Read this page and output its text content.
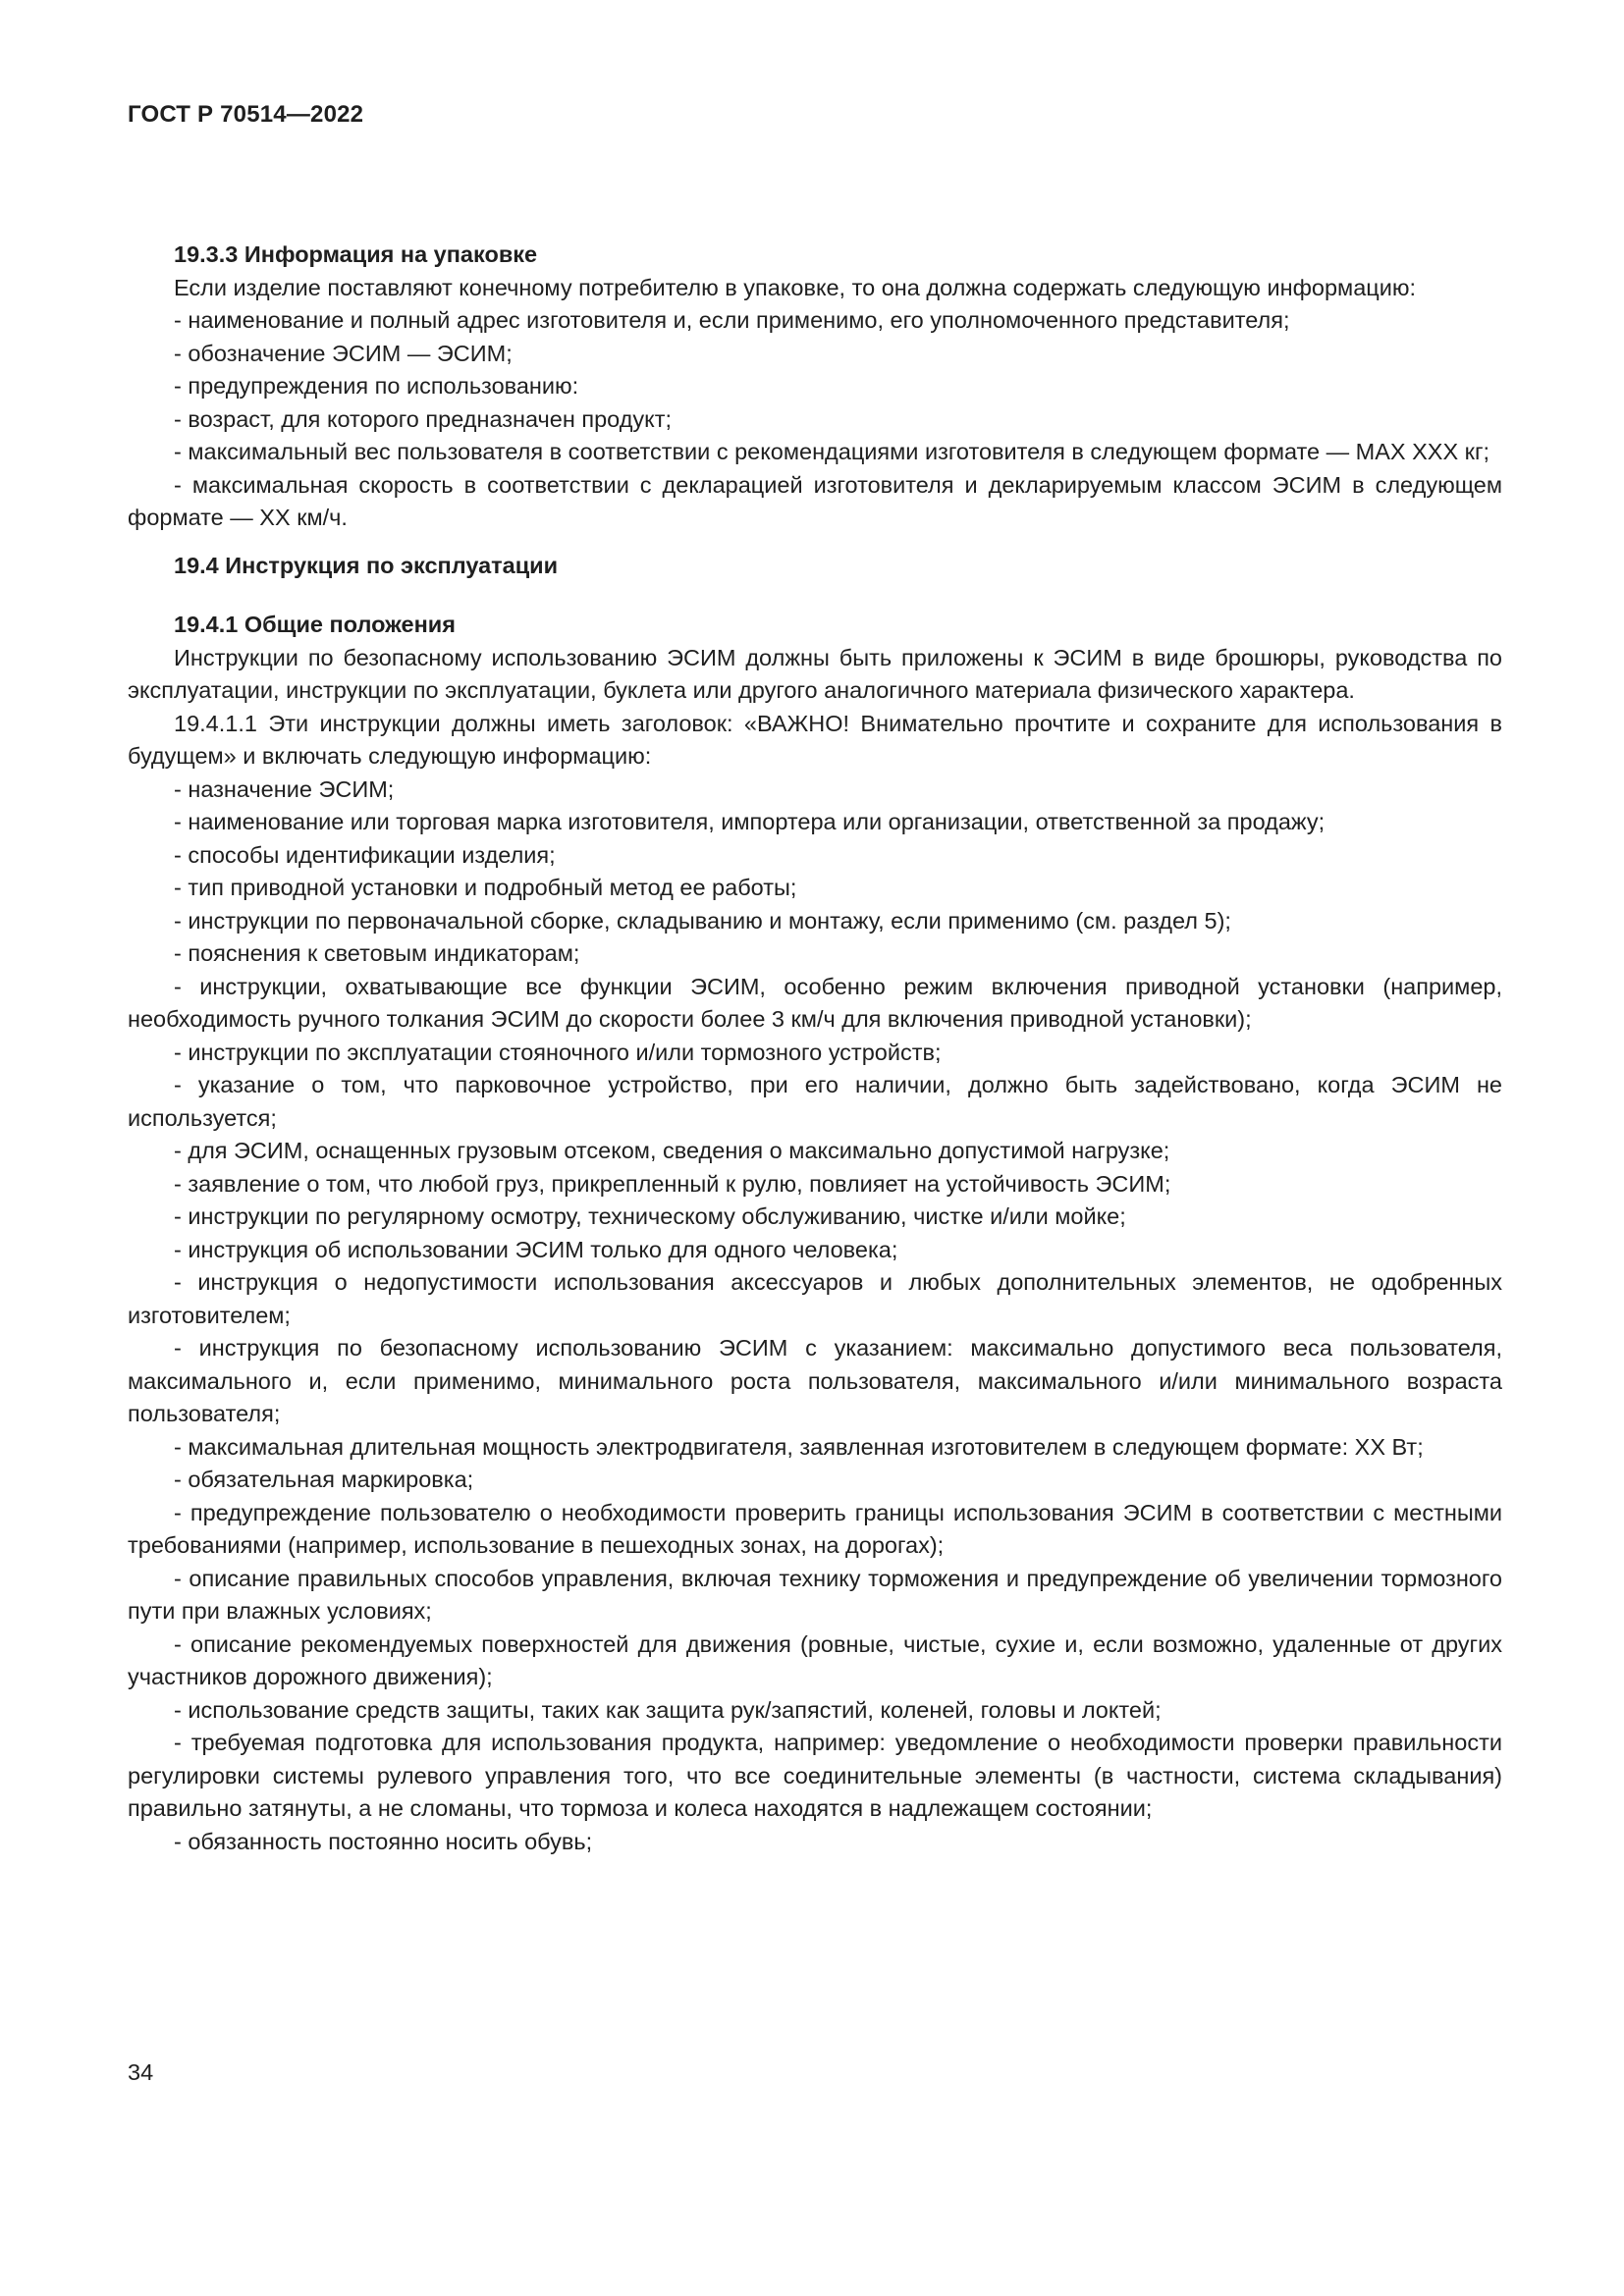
ГОСТ Р 70514—2022

19.3.3 Информация на упаковке

Если изделие поставляют конечному потребителю в упаковке, то она должна содержать следующую информацию:

- наименование и полный адрес изготовителя и, если применимо, его уполномоченного представителя;

- обозначение ЭСИМ — ЭСИМ;

- предупреждения по использованию:

- возраст, для которого предназначен продукт;

- максимальный вес пользователя в соответствии с рекомендациями изготовителя в следующем формате — MAX XXX кг;

- максимальная скорость в соответствии с декларацией изготовителя и декларируемым классом ЭСИМ в следующем формате — XX км/ч.

19.4 Инструкция по эксплуатации

19.4.1 Общие положения

Инструкции по безопасному использованию ЭСИМ должны быть приложены к ЭСИМ в виде брошюры, руководства по эксплуатации, инструкции по эксплуатации, буклета или другого аналогичного материала физического характера.

19.4.1.1 Эти инструкции должны иметь заголовок: «ВАЖНО! Внимательно прочтите и сохраните для использования в будущем» и включать следующую информацию:

- назначение ЭСИМ;

- наименование или торговая марка изготовителя, импортера или организации, ответственной за продажу;

- способы идентификации изделия;

- тип приводной установки и подробный метод ее работы;

- инструкции по первоначальной сборке, складыванию и монтажу, если применимо (см. раздел 5);

- пояснения к световым индикаторам;

- инструкции, охватывающие все функции ЭСИМ, особенно режим включения приводной установки (например, необходимость ручного толкания ЭСИМ до скорости более 3 км/ч для включения приводной установки);

- инструкции по эксплуатации стояночного и/или тормозного устройств;

- указание о том, что парковочное устройство, при его наличии, должно быть задействовано, когда ЭСИМ не используется;

- для ЭСИМ, оснащенных грузовым отсеком, сведения о максимально допустимой нагрузке;

- заявление о том, что любой груз, прикрепленный к рулю, повлияет на устойчивость ЭСИМ;

- инструкции по регулярному осмотру, техническому обслуживанию, чистке и/или мойке;

- инструкция об использовании ЭСИМ только для одного человека;

- инструкция о недопустимости использования аксессуаров и любых дополнительных элементов, не одобренных изготовителем;

- инструкция по безопасному использованию ЭСИМ с указанием: максимально допустимого веса пользователя, максимального и, если применимо, минимального роста пользователя, максимального и/или минимального возраста пользователя;

- максимальная длительная мощность электродвигателя, заявленная изготовителем в следующем формате: XX Вт;

- обязательная маркировка;

- предупреждение пользователю о необходимости проверить границы использования ЭСИМ в соответствии с местными требованиями (например, использование в пешеходных зонах, на дорогах);

- описание правильных способов управления, включая технику торможения и предупреждение об увеличении тормозного пути при влажных условиях;

- описание рекомендуемых поверхностей для движения (ровные, чистые, сухие и, если возможно, удаленные от других участников дорожного движения);

- использование средств защиты, таких как защита рук/запястий, коленей, головы и локтей;

- требуемая подготовка для использования продукта, например: уведомление о необходимости проверки правильности регулировки системы рулевого управления того, что все соединительные элементы (в частности, система складывания) правильно затянуты, а не сломаны, что тормоза и колеса находятся в надлежащем состоянии;

- обязанность постоянно носить обувь;

34
